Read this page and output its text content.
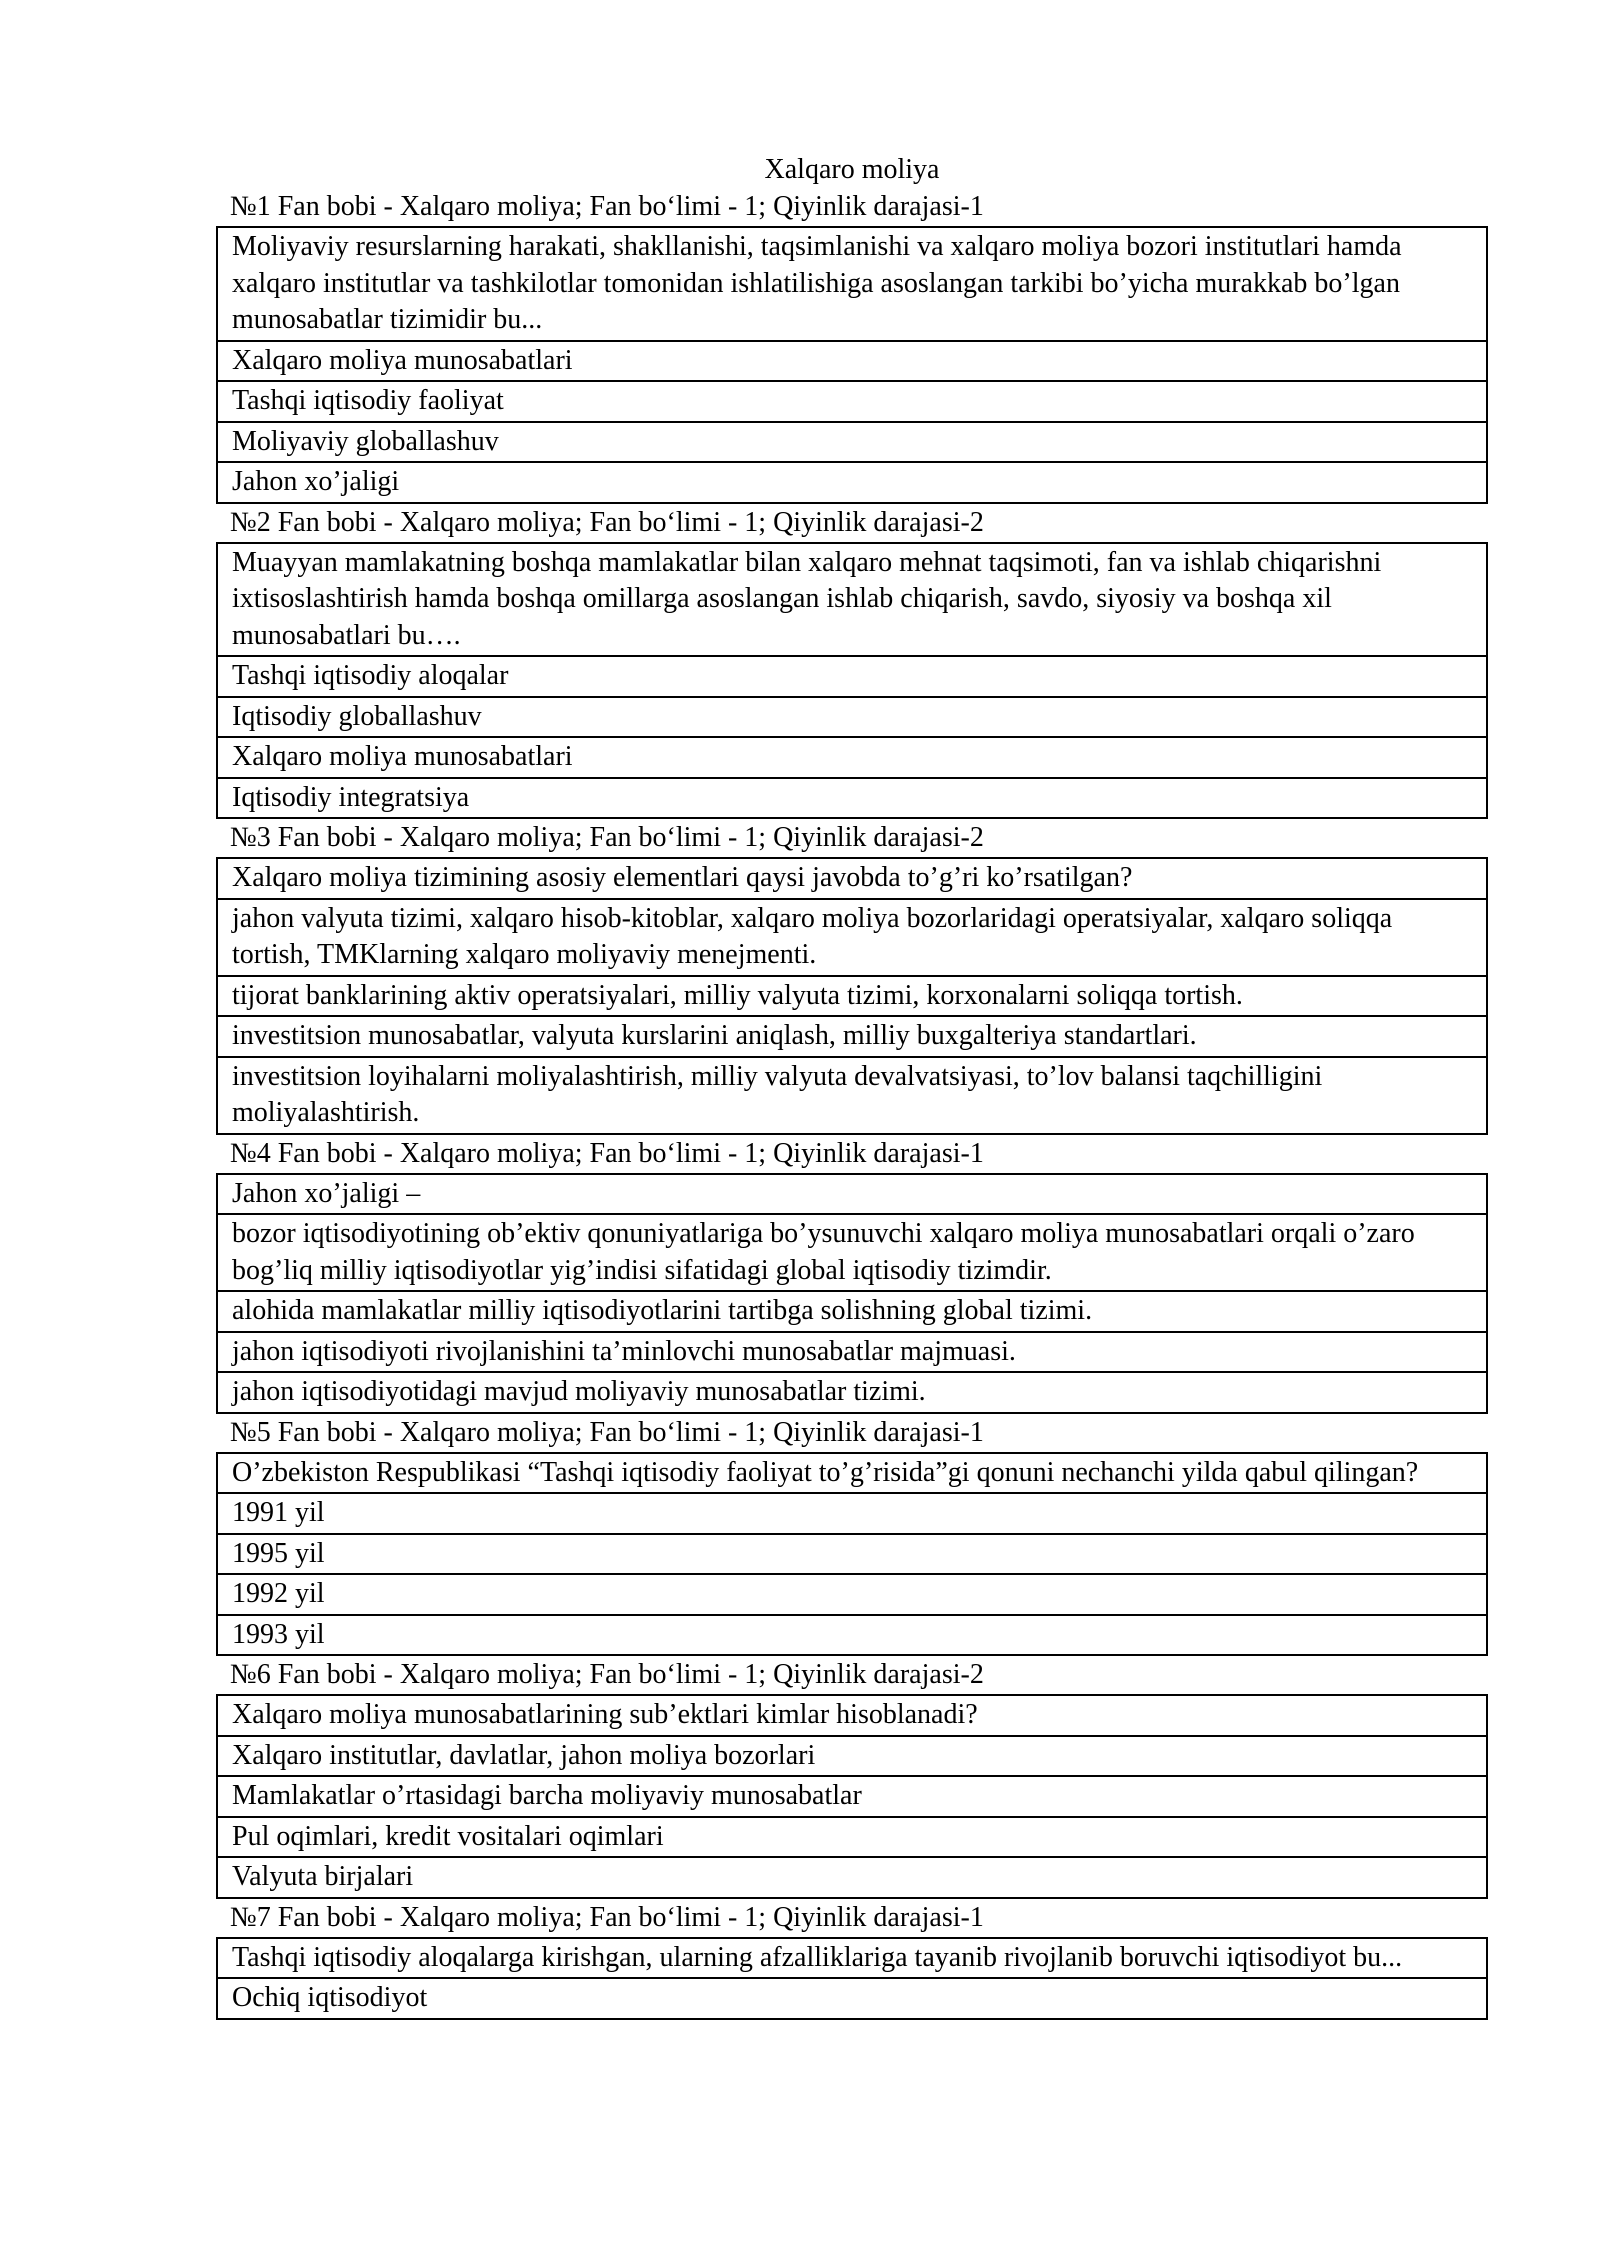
Xalqaro moliya
№1 Fan bobi - Xalqaro moliya; Fan bo‘limi - 1; Qiyinlik darajasi-1
Moliyaviy resurslarning harakati, shakllanishi, taqsimlanishi va xalqaro moliya bozori institutlari hamda xalqaro institutlar va tashkilotlar tomonidan ishlatilishiga asoslangan tarkibi bo’yicha murakkab bo’lgan munosabatlar tizimidir bu...
Xalqaro moliya munosabatlari
Tashqi iqtisodiy faoliyat
Moliyaviy globallashuv
Jahon xo’jaligi
№2 Fan bobi - Xalqaro moliya; Fan bo‘limi - 1; Qiyinlik darajasi-2
Muayyan mamlakatning boshqa mamlakatlar bilan xalqaro mehnat taqsimoti, fan va ishlab chiqarishni ixtisoslashtirish hamda boshqa omillarga asoslangan ishlab chiqarish, savdo, siyosiy va boshqa xil munosabatlari bu….
Tashqi iqtisodiy aloqalar
Iqtisodiy globallashuv
Xalqaro moliya munosabatlari
Iqtisodiy integratsiya
№3 Fan bobi - Xalqaro moliya; Fan bo‘limi - 1; Qiyinlik darajasi-2
Xalqaro moliya tizimining asosiy elementlari qaysi javobda to’g’ri ko’rsatilgan?
jahon valyuta tizimi, xalqaro hisob-kitoblar, xalqaro moliya bozorlaridagi operatsiyalar, xalqaro soliqqa tortish, TMKlarning xalqaro moliyaviy menejmenti.
tijorat banklarining aktiv operatsiyalari, milliy valyuta tizimi, korxonalarni soliqqa tortish.
investitsion munosabatlar, valyuta kurslarini aniqlash, milliy buxgalteriya standartlari.
investitsion loyihalarni moliyalashtirish, milliy valyuta devalvatsiyasi, to’lov balansi taqchilligini moliyalashtirish.
№4 Fan bobi - Xalqaro moliya; Fan bo‘limi - 1; Qiyinlik darajasi-1
Jahon xo’jaligi –
bozor iqtisodiyotining ob’ektiv qonuniyatlariga bo’ysunuvchi xalqaro moliya munosabatlari orqali o’zaro bog’liq milliy iqtisodiyotlar yig’indisi sifatidagi global iqtisodiy tizimdir.
alohida mamlakatlar milliy iqtisodiyotlarini tartibga solishning global tizimi.
jahon iqtisodiyoti rivojlanishini ta’minlovchi munosabatlar majmuasi.
jahon iqtisodiyotidagi mavjud moliyaviy munosabatlar tizimi.
№5 Fan bobi - Xalqaro moliya; Fan bo‘limi - 1; Qiyinlik darajasi-1
O’zbekiston Respublikasi “Tashqi iqtisodiy faoliyat to’g’risida”gi qonuni nechanchi yilda qabul qilingan?
1991 yil
1995 yil
1992 yil
1993 yil
№6 Fan bobi - Xalqaro moliya; Fan bo‘limi - 1; Qiyinlik darajasi-2
Xalqaro moliya munosabatlarining sub’ektlari kimlar hisoblanadi?
Xalqaro institutlar, davlatlar, jahon moliya bozorlari
Mamlakatlar o’rtasidagi barcha moliyaviy munosabatlar
Pul oqimlari, kredit vositalari oqimlari
Valyuta birjalari
№7 Fan bobi - Xalqaro moliya; Fan bo‘limi - 1; Qiyinlik darajasi-1
Tashqi iqtisodiy aloqalarga kirishgan, ularning afzalliklariga tayanib rivojlanib boruvchi iqtisodiyot bu...
Ochiq iqtisodiyot
